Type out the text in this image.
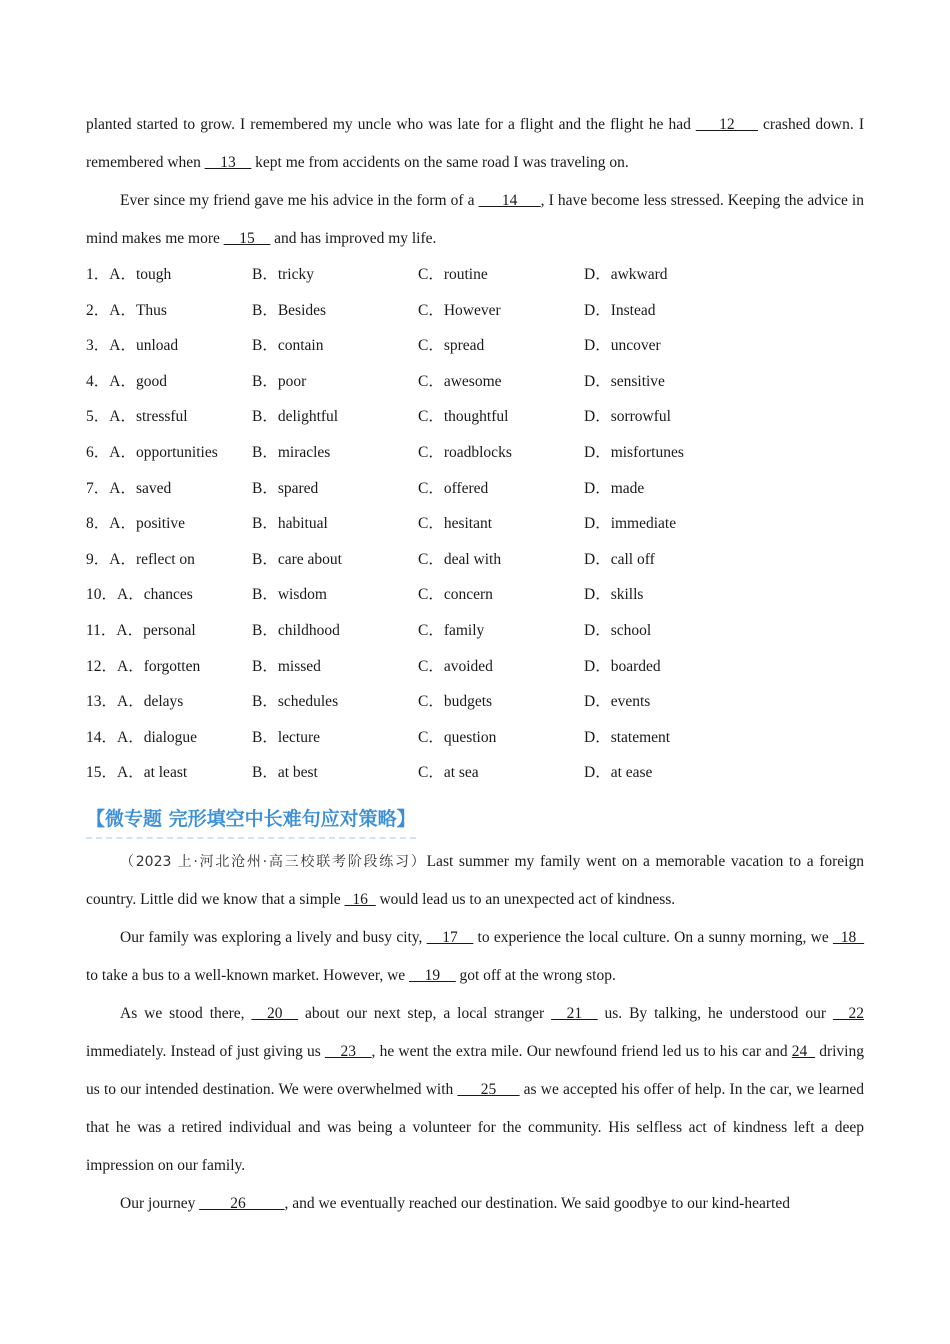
planted started to grow. I remembered my uncle who was late for a flight and the flight he had ___12___ crashed down. I remembered when __13__ kept me from accidents on the same road I was traveling on.

Ever since my friend gave me his advice in the form of a ___14___, I have become less stressed. Keeping the advice in mind makes me more __15__ and has improved my life.

1．A．tough	B．tricky	C．routine	D．awkward
2．A．Thus	B．Besides	C．However	D．Instead
3．A．unload	B．contain	C．spread	D．uncover
4．A．good	B．poor	C．awesome	D．sensitive
5．A．stressful	B．delightful	C．thoughtful	D．sorrowful
6．A．opportunities B．miracles	C．roadblocks	D．misfortunes
7．A．saved	B．spared	C．offered	D．made
8．A．positive	B．habitual	C．hesitant	D．immediate
9．A．reflect on	B．care about	C．deal with	D．call off
10．A．chances	B．wisdom	C．concern	D．skills
11．A．personal	B．childhood	C．family	D．school
12．A．forgotten	B．missed	C．avoided	D．boarded
13．A．delays	B．schedules	C．budgets	D．events
14．A．dialogue	B．lecture	C．question	D．statement
15．A．at least	B．at best	C．at sea	D．at ease
【微专题 完形填空中长难句应对策略】

（2023 上·河北沧州·高三校联考阶段练习）Last summer my family went on a memorable vacation to a foreign country. Little did we know that a simple _16_ would lead us to an unexpected act of kindness.

Our family was exploring a lively and busy city, __17__ to experience the local culture. On a sunny morning, we _18_ to take a bus to a well-known market. However, we __19__ got off at the wrong stop.

As we stood there, __20__ about our next step, a local stranger __21__ us. By talking, he understood our __22 immediately. Instead of just giving us __23__, he went the extra mile. Our newfound friend led us to his car and 24_ driving us to our intended destination. We were overwhelmed with ___25___ as we accepted his offer of help. In the car, we learned that he was a retired individual and was being a volunteer for the community. His selfless act of kindness left a deep impression on our family.

Our journey ____26_____, and we eventually reached our destination. We said goodbye to our kind-hearted
